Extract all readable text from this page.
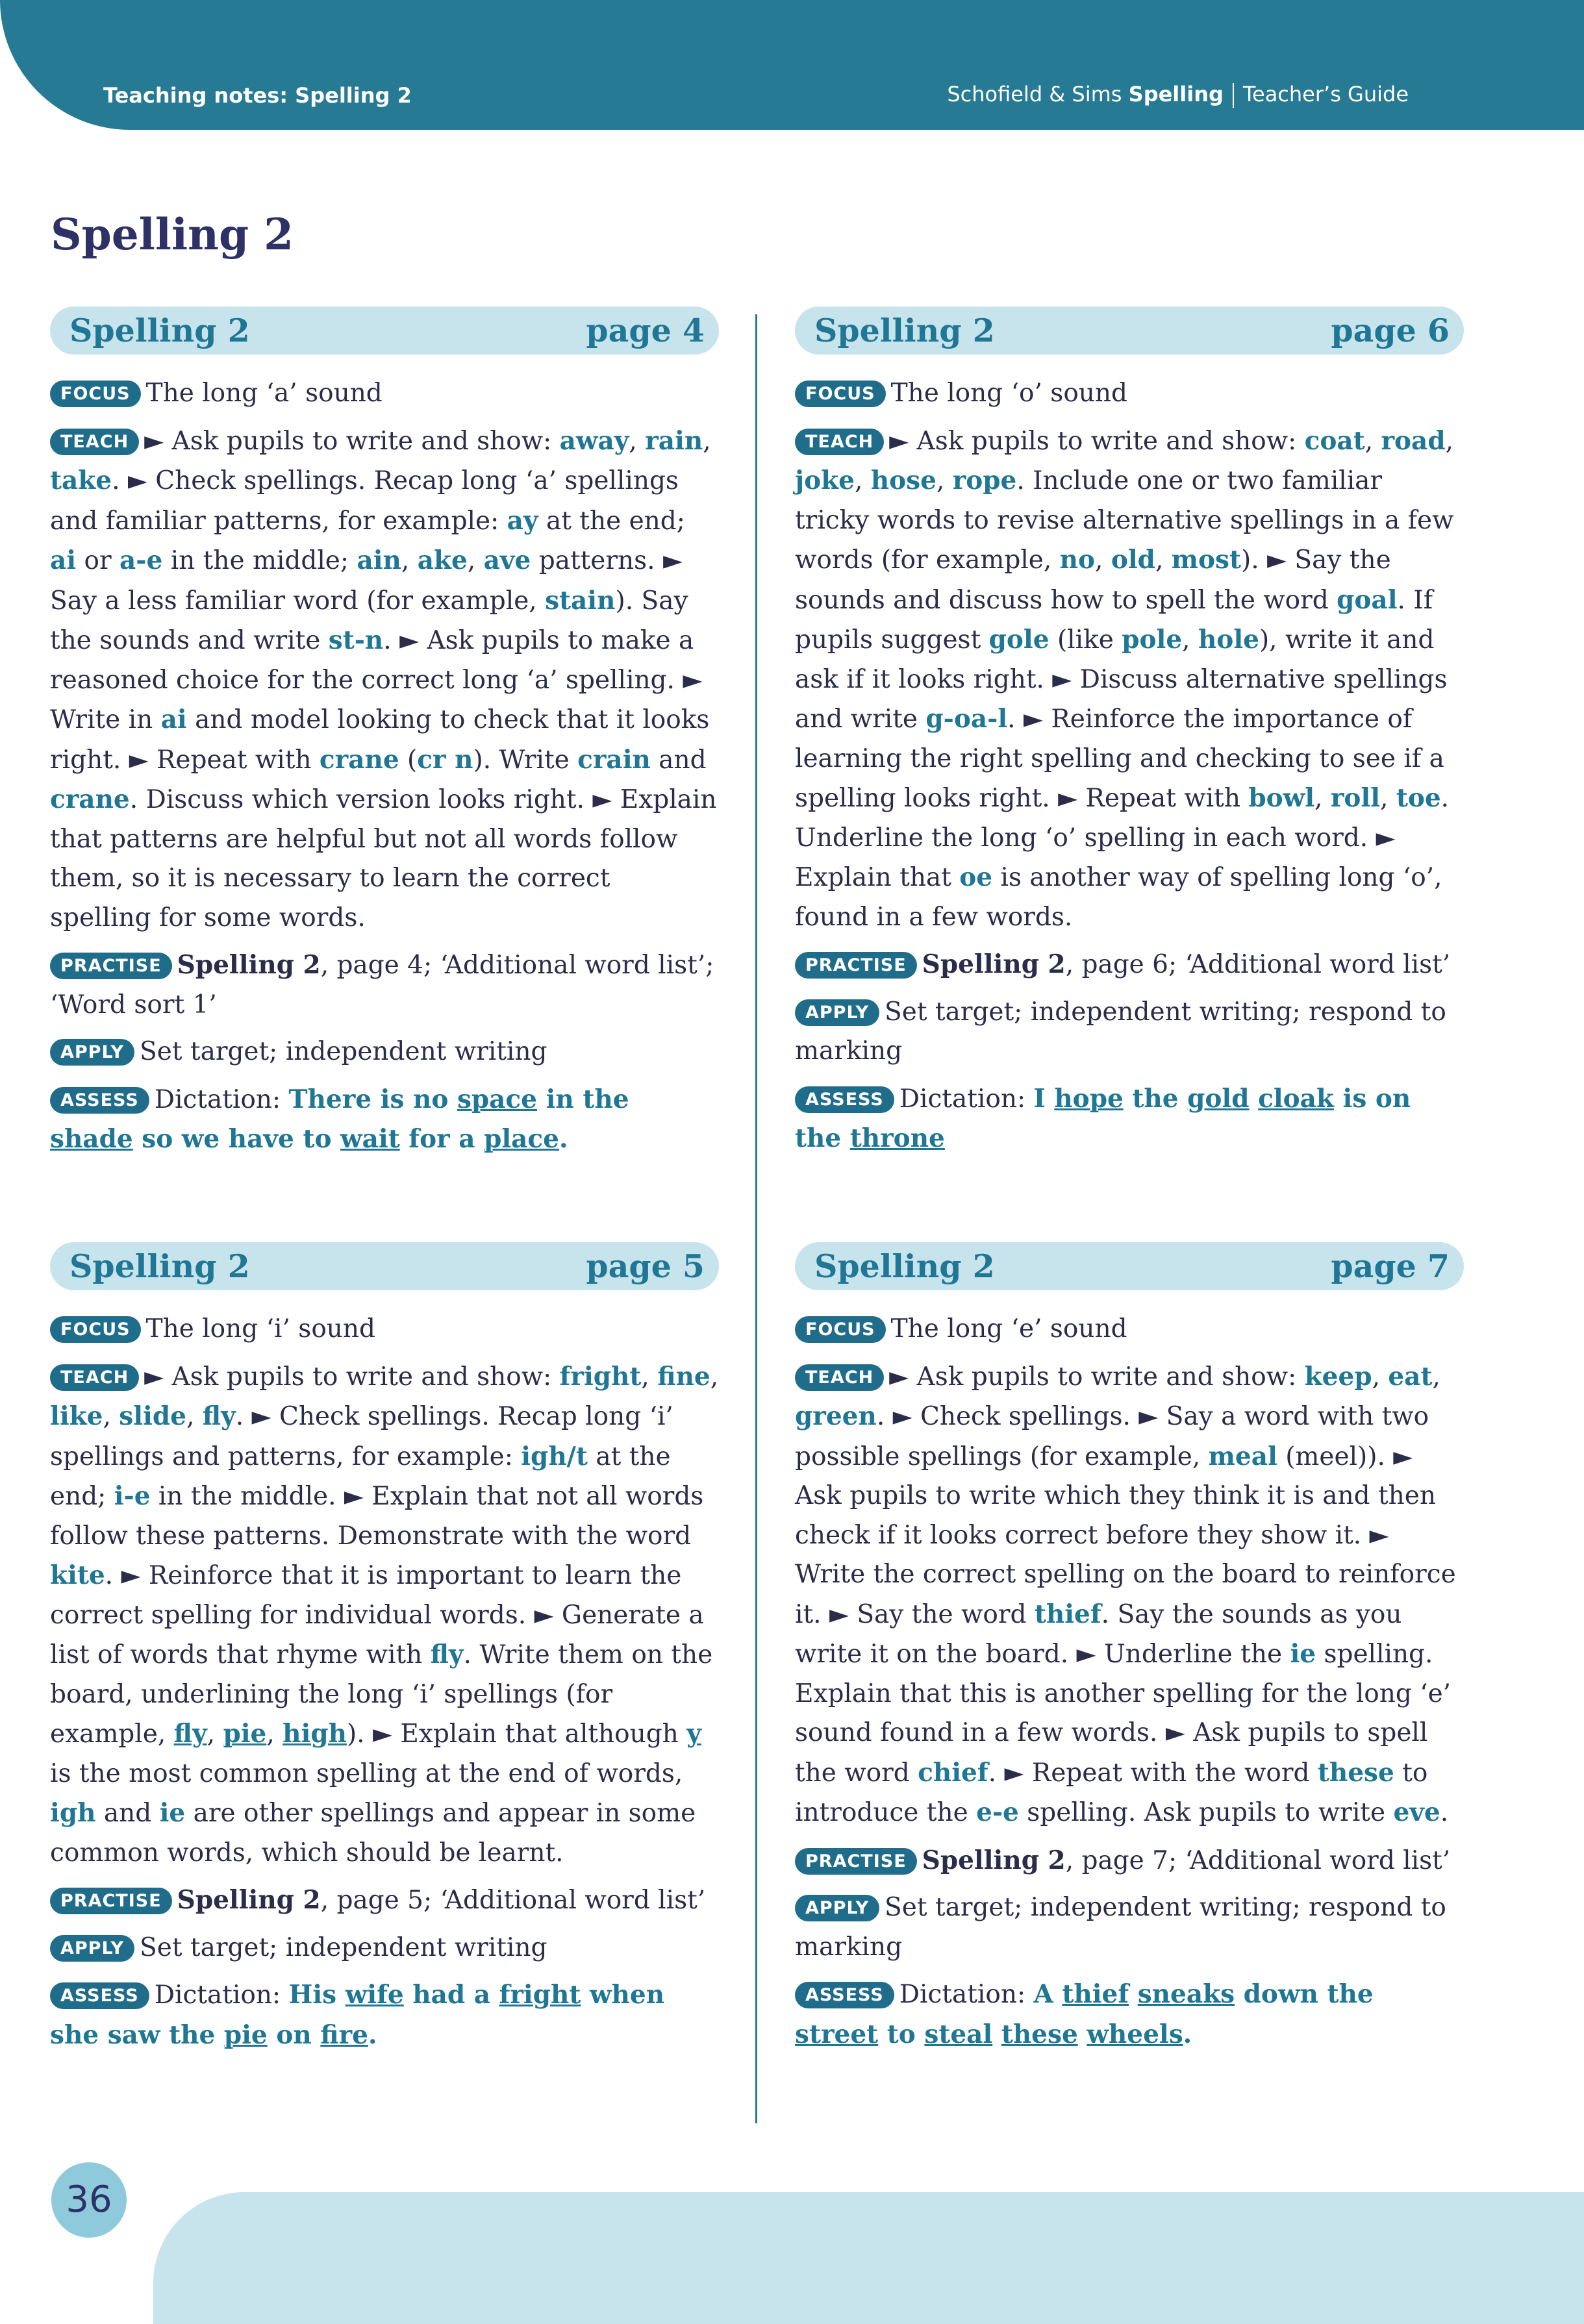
Teaching notes: Spelling 2	Schofield & Sims Spelling Teacher’s Guide
Spelling 2
Spelling 2	page 4
FOCUS The long ‘a’ sound
TEACH ► Ask pupils to write and show: away, rain, take. ► Check spellings. Recap long ‘a’ spellings and familiar patterns, for example: ay at the end; ai or a-e in the middle; ain, ake, ave patterns. ► Say a less familiar word (for example, stain). Say the sounds and write st-n. ► Ask pupils to make a reasoned choice for the correct long ‘a’ spelling. ► Write in ai and model looking to check that it looks right. ► Repeat with crane (cr n). Write crain and crane. Discuss which version looks right. ► Explain that patterns are helpful but not all words follow them, so it is necessary to learn the correct spelling for some words.
PRACTISE Spelling 2, page 4; ‘Additional word list’; ‘Word sort 1’
APPLY Set target; independent writing
ASSESS Dictation: There is no space in the shade so we have to wait for a place.
Spelling 2	page 6
FOCUS The long ‘o’ sound
TEACH ► Ask pupils to write and show: coat, road, joke, hose, rope. Include one or two familiar tricky words to revise alternative spellings in a few words (for example, no, old, most). ► Say the sounds and discuss how to spell the word goal. If pupils suggest gole (like pole, hole), write it and ask if it looks right. ► Discuss alternative spellings and write g-oa-l. ► Reinforce the importance of learning the right spelling and checking to see if a spelling looks right. ► Repeat with bowl, roll, toe. Underline the long ‘o’ spelling in each word. ► Explain that oe is another way of spelling long ‘o’, found in a few words.
PRACTISE Spelling 2, page 6; ‘Additional word list’
APPLY Set target; independent writing; respond to marking
ASSESS Dictation: I hope the gold cloak is on the throne
Spelling 2	page 5
FOCUS The long ‘i’ sound
TEACH ► Ask pupils to write and show: fright, fine, like, slide, fly. ► Check spellings. Recap long ‘i’ spellings and patterns, for example: igh/t at the end; i-e in the middle. ► Explain that not all words follow these patterns. Demonstrate with the word kite. ► Reinforce that it is important to learn the correct spelling for individual words. ► Generate a list of words that rhyme with fly. Write them on the board, underlining the long ‘i’ spellings (for example, fly, pie, high). ► Explain that although y is the most common spelling at the end of words, igh and ie are other spellings and appear in some common words, which should be learnt.
PRACTISE Spelling 2, page 5; ‘Additional word list’
APPLY Set target; independent writing
ASSESS Dictation: His wife had a fright when she saw the pie on fire.
Spelling 2	page 7
FOCUS The long ‘e’ sound
TEACH ► Ask pupils to write and show: keep, eat, green. ► Check spellings. ► Say a word with two possible spellings (for example, meal (meel)). ► Ask pupils to write which they think it is and then check if it looks correct before they show it. ► Write the correct spelling on the board to reinforce it. ► Say the word thief. Say the sounds as you write it on the board. ► Underline the ie spelling. Explain that this is another spelling for the long ‘e’ sound found in a few words. ► Ask pupils to spell the word chief. ► Repeat with the word these to introduce the e-e spelling. Ask pupils to write eve.
PRACTISE Spelling 2, page 7; ‘Additional word list’
APPLY Set target; independent writing; respond to marking
ASSESS Dictation: A thief sneaks down the street to steal these wheels.
36
